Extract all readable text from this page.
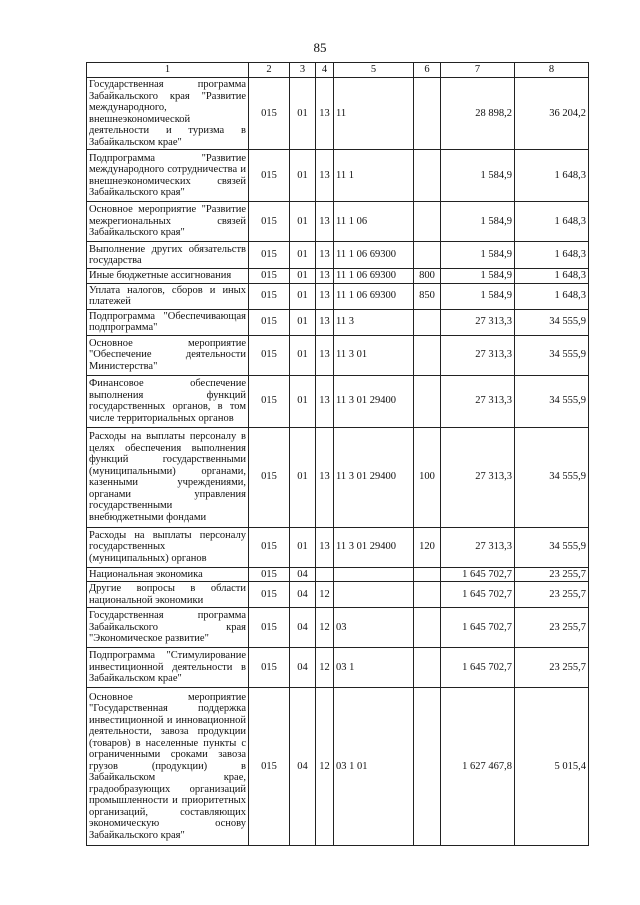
85
1	2	3	4	5	6	7	8
Государственная программа Забайкальского края "Развитие международного, внешнеэкономической деятельности и туризма в Забайкальском крае"	015	01	13	11		28 898,2	36 204,2
Подпрограмма "Развитие международного сотрудничества и внешнеэкономических связей Забайкальского края"	015	01	13	11 1		1 584,9	1 648,3
Основное мероприятие "Развитие межрегиональных связей Забайкальского края"	015	01	13	11 1 06		1 584,9	1 648,3
Выполнение других обязательств государства	015	01	13	11 1 06 69300		1 584,9	1 648,3
Иные бюджетные ассигнования	015	01	13	11 1 06 69300	800	1 584,9	1 648,3
Уплата налогов, сборов и иных платежей	015	01	13	11 1 06 69300	850	1 584,9	1 648,3
Подпрограмма "Обеспечивающая подпрограмма"	015	01	13	11 3		27 313,3	34 555,9
Основное мероприятие "Обеспечение деятельности Министерства"	015	01	13	11 3 01		27 313,3	34 555,9
Финансовое обеспечение выполнения функций государственных органов, в том числе территориальных органов	015	01	13	11 3 01 29400		27 313,3	34 555,9
Расходы на выплаты персоналу в целях обеспечения выполнения функций государственными (муниципальными) органами, казенными учреждениями, органами управления государственными внебюджетными фондами	015	01	13	11 3 01 29400	100	27 313,3	34 555,9
Расходы на выплаты персоналу государственных (муниципальных) органов	015	01	13	11 3 01 29400	120	27 313,3	34 555,9
Национальная экономика	015	04				1 645 702,7	23 255,7
Другие вопросы в области национальной экономики	015	04	12			1 645 702,7	23 255,7
Государственная программа Забайкальского края "Экономическое развитие"	015	04	12	03		1 645 702,7	23 255,7
Подпрограмма "Стимулирование инвестиционной деятельности в Забайкальском крае"	015	04	12	03 1		1 645 702,7	23 255,7
Основное мероприятие "Государственная поддержка инвестиционной и инновационной деятельности, завоза продукции (товаров) в населенные пункты с ограниченными сроками завоза грузов (продукции) в Забайкальском крае, градообразующих организаций промышленности и приоритетных организаций, составляющих экономическую основу Забайкальского края"	015	04	12	03 1 01		1 627 467,8	5 015,4
